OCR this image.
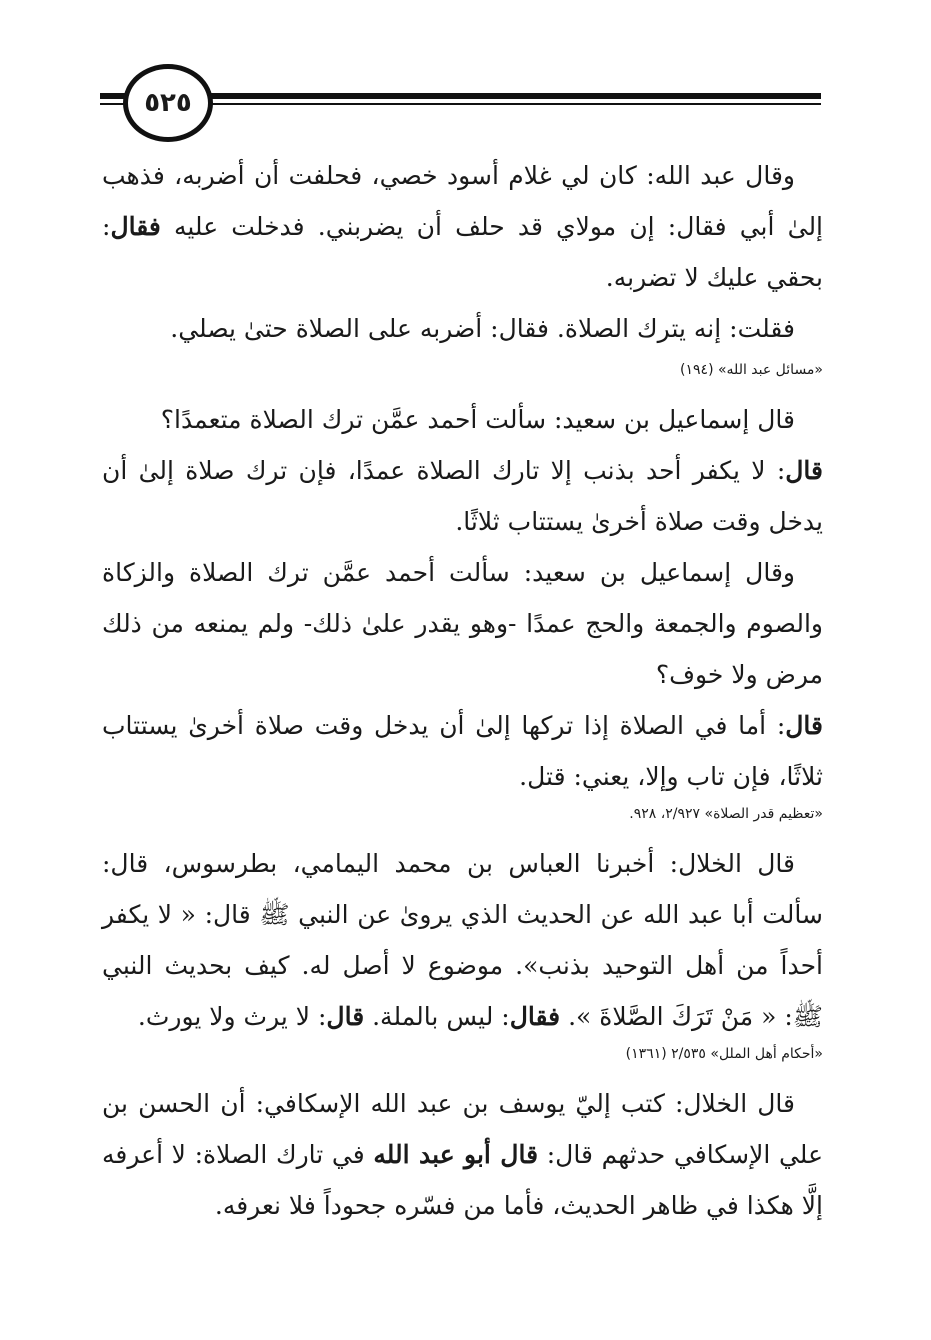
٥٢٥

وقال عبد الله: كان لي غلام أسود خصي، فحلفت أن أضربه، فذهب إلىٰ أبي فقال: إن مولاي قد حلف أن يضربني. فدخلت عليه فقال: بحقي عليك لا تضربه.

فقلت: إنه يترك الصلاة. فقال: أضربه على الصلاة حتىٰ يصلي.

«مسائل عبد الله» (١٩٤)

قال إسماعيل بن سعيد: سألت أحمد عمَّن ترك الصلاة متعمدًا؟

قال: لا يكفر أحد بذنب إلا تارك الصلاة عمدًا، فإن ترك صلاة إلىٰ أن يدخل وقت صلاة أخرىٰ يستتاب ثلاثًا.

وقال إسماعيل بن سعيد: سألت أحمد عمَّن ترك الصلاة والزكاة والصوم والجمعة والحج عمدًا -وهو يقدر علىٰ ذلك- ولم يمنعه من ذلك مرض ولا خوف؟

قال: أما في الصلاة إذا تركها إلىٰ أن يدخل وقت صلاة أخرىٰ يستتاب ثلاثًا، فإن تاب وإلا، يعني: قتل.

«تعظيم قدر الصلاة» ٢/٩٢٧، ٩٢٨.

قال الخلال: أخبرنا العباس بن محمد اليمامي، بطرسوس، قال: سألت أبا عبد الله عن الحديث الذي يروىٰ عن النبي ﷺ قال: « لا يكفر أحداً من أهل التوحيد بذنب». موضوع لا أصل له. كيف بحديث النبي ﷺ: « مَنْ تَرَكَ الصَّلاةَ ». فقال: ليس بالملة. قال: لا يرث ولا يورث.

«أحكام أهل الملل» ٢/٥٣٥ (١٣٦١)

قال الخلال: كتب إليّ يوسف بن عبد الله الإسكافي: أن الحسن بن علي الإسكافي حدثهم قال: قال أبو عبد الله في تارك الصلاة: لا أعرفه إلَّا هكذا في ظاهر الحديث، فأما من فسّره جحوداً فلا نعرفه.
